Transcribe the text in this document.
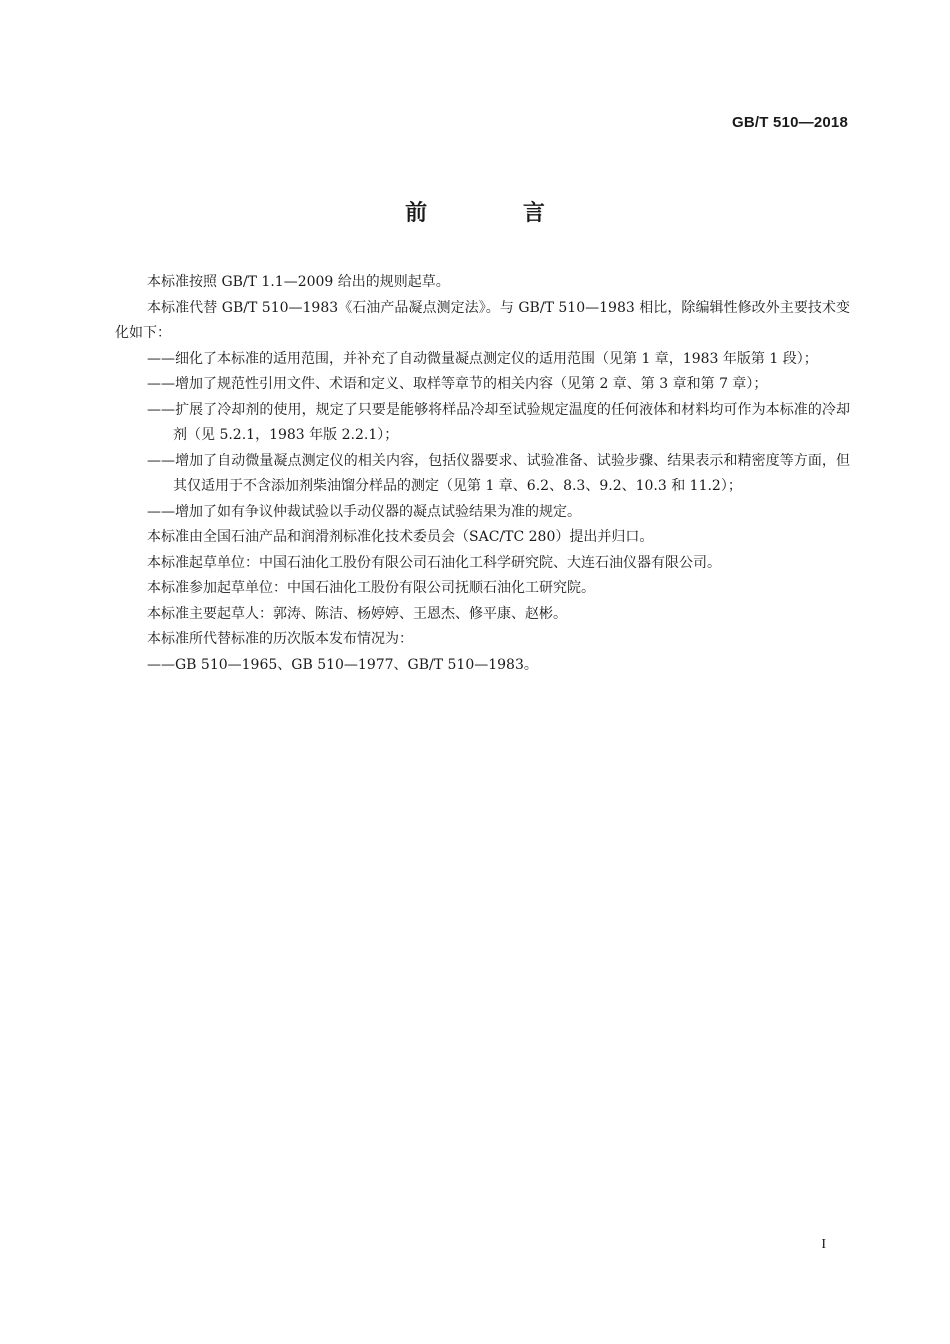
GB/T 510—2018
前 言

本标准按照 GB/T 1.1—2009 给出的规则起草。

本标准代替 GB/T 510—1983《石油产品凝点测定法》。与 GB/T 510—1983 相比，除编辑性修改外主要技术变化如下：

——细化了本标准的适用范围，并补充了自动微量凝点测定仪的适用范围（见第 1 章，1983 年版第 1 段）；

——增加了规范性引用文件、术语和定义、取样等章节的相关内容（见第 2 章、第 3 章和第 7 章）；

——扩展了冷却剂的使用，规定了只要是能够将样品冷却至试验规定温度的任何液体和材料均可作为本标准的冷却剂（见 5.2.1，1983 年版 2.2.1）；

——增加了自动微量凝点测定仪的相关内容，包括仪器要求、试验准备、试验步骤、结果表示和精密度等方面，但其仅适用于不含添加剂柴油馏分样品的测定（见第 1 章、6.2、8.3、9.2、10.3 和 11.2）；

——增加了如有争议仲裁试验以手动仪器的凝点试验结果为准的规定。

本标准由全国石油产品和润滑剂标准化技术委员会（SAC/TC 280）提出并归口。

本标准起草单位：中国石油化工股份有限公司石油化工科学研究院、大连石油仪器有限公司。

本标准参加起草单位：中国石油化工股份有限公司抚顺石油化工研究院。

本标准主要起草人：郭涛、陈洁、杨婷婷、王恩杰、修平康、赵彬。

本标准所代替标准的历次版本发布情况为：

——GB 510—1965、GB 510—1977、GB/T 510—1983。

I
